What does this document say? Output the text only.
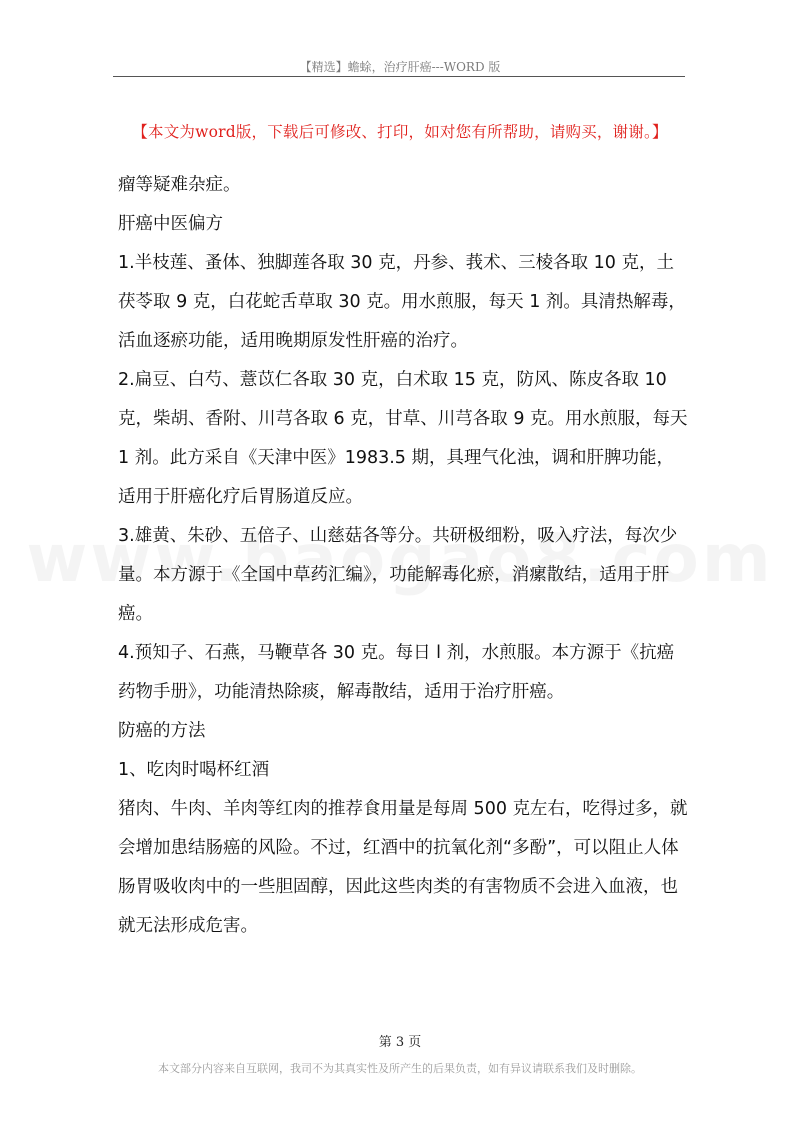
【精选】蟾蜍，治疗肝癌---WORD 版
【本文为word版，下载后可修改、打印，如对您有所帮助，请购买，谢谢。】

瘤等疑难杂症。

肝癌中医偏方

1.半枝莲、蚤体、独脚莲各取 30 克，丹参、莪术、三棱各取 10 克，土茯苓取 9 克，白花蛇舌草取 30 克。用水煎服，每天 1 剂。具清热解毒，活血逐瘀功能，适用晚期原发性肝癌的治疗。

2.扁豆、白芍、薏苡仁各取 30 克，白术取 15 克，防风、陈皮各取 10 克，柴胡、香附、川芎各取 6 克，甘草、川芎各取 9 克。用水煎服，每天 1 剂。此方采自《天津中医》1983.5 期，具理气化浊，调和肝脾功能，适用于肝癌化疗后胃肠道反应。

3.雄黄、朱砂、五倍子、山慈菇各等分。共研极细粉，吸入疗法，每次少量。本方源于《全国中草药汇编》，功能解毒化瘀，消瘰散结，适用于肝癌。

4.预知子、石燕，马鞭草各 30 克。每日 l 剂，水煎服。本方源于《抗癌药物手册》，功能清热除痰，解毒散结，适用于治疗肝癌。

防癌的方法

1、吃肉时喝杯红酒

猪肉、牛肉、羊肉等红肉的推荐食用量是每周 500 克左右，吃得过多，就会增加患结肠癌的风险。不过，红酒中的抗氧化剂“多酚”，可以阻止人体肠胃吸收肉中的一些胆固醇，因此这些肉类的有害物质不会进入血液，也就无法形成危害。

第 3 页
本文部分内容来自互联网，我司不为其真实性及所产生的后果负责，如有异议请联系我们及时删除。
